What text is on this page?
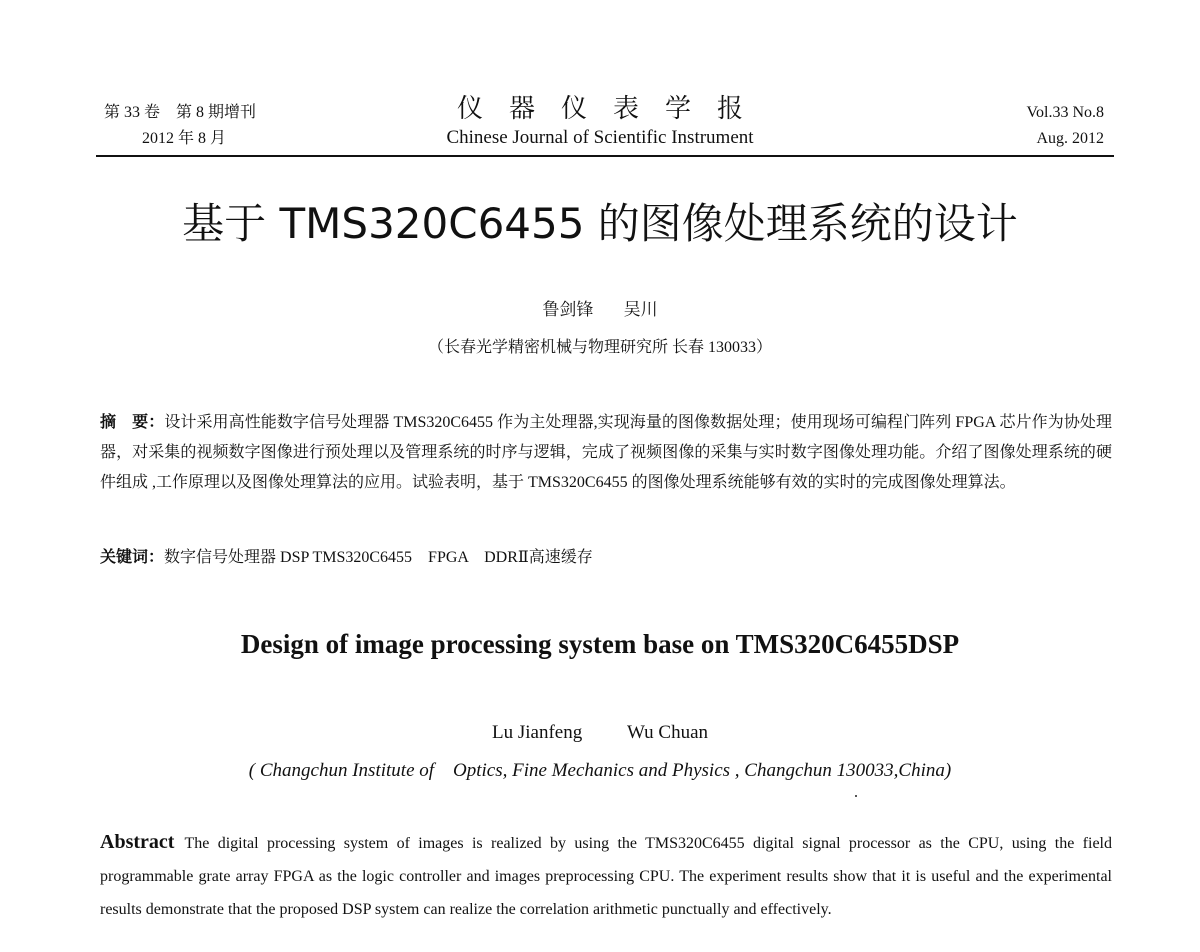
第 33 卷　第 8 期增刊
2012 年 8 月
仪器仪表学报
Chinese Journal of Scientific Instrument
Vol.33 No.8
Aug. 2012
基于 TMS320C6455 的图像处理系统的设计
鲁剑锋 吴川
（长春光学精密机械与物理研究所 长春 130033）
摘　要：设计采用高性能数字信号处理器 TMS320C6455 作为主处理器,实现海量的图像数据处理；使用现场可编程门阵列 FPGA 芯片作为协处理器，对采集的视频数字图像进行预处理以及管理系统的时序与逻辑，完成了视频图像的采集与实时数字图像处理功能。介绍了图像处理系统的硬件组成 ,工作原理以及图像处理算法的应用。试验表明，基于 TMS320C6455 的图像处理系统能够有效的实时的完成图像处理算法。
关键词：数字信号处理器 DSP TMS320C6455　FPGA　DDRⅡ高速缓存
Design of image processing system base on TMS320C6455DSP
Lu Jianfeng Wu Chuan
( Changchun Institute of　Optics, Fine Mechanics and Physics , Changchun 130033,China)
Abstract The digital processing system of images is realized by using the TMS320C6455 digital signal processor as the CPU, using the field programmable grate array FPGA as the logic controller and images preprocessing CPU. The experiment results show that it is useful and the experimental results demonstrate that the proposed DSP system can realize the correlation arithmetic punctually and effectively.
